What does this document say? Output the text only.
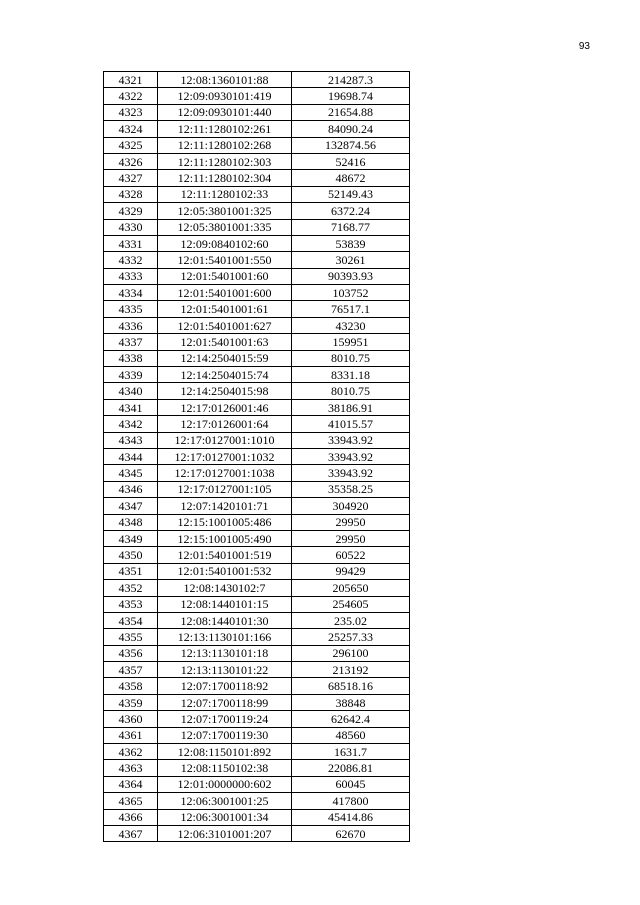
93
4321	12:08:1360101:88	214287.3
4322	12:09:0930101:419	19698.74
4323	12:09:0930101:440	21654.88
4324	12:11:1280102:261	84090.24
4325	12:11:1280102:268	132874.56
4326	12:11:1280102:303	52416
4327	12:11:1280102:304	48672
4328	12:11:1280102:33	52149.43
4329	12:05:3801001:325	6372.24
4330	12:05:3801001:335	7168.77
4331	12:09:0840102:60	53839
4332	12:01:5401001:550	30261
4333	12:01:5401001:60	90393.93
4334	12:01:5401001:600	103752
4335	12:01:5401001:61	76517.1
4336	12:01:5401001:627	43230
4337	12:01:5401001:63	159951
4338	12:14:2504015:59	8010.75
4339	12:14:2504015:74	8331.18
4340	12:14:2504015:98	8010.75
4341	12:17:0126001:46	38186.91
4342	12:17:0126001:64	41015.57
4343	12:17:0127001:1010	33943.92
4344	12:17:0127001:1032	33943.92
4345	12:17:0127001:1038	33943.92
4346	12:17:0127001:105	35358.25
4347	12:07:1420101:71	304920
4348	12:15:1001005:486	29950
4349	12:15:1001005:490	29950
4350	12:01:5401001:519	60522
4351	12:01:5401001:532	99429
4352	12:08:1430102:7	205650
4353	12:08:1440101:15	254605
4354	12:08:1440101:30	235.02
4355	12:13:1130101:166	25257.33
4356	12:13:1130101:18	296100
4357	12:13:1130101:22	213192
4358	12:07:1700118:92	68518.16
4359	12:07:1700118:99	38848
4360	12:07:1700119:24	62642.4
4361	12:07:1700119:30	48560
4362	12:08:1150101:892	1631.7
4363	12:08:1150102:38	22086.81
4364	12:01:0000000:602	60045
4365	12:06:3001001:25	417800
4366	12:06:3001001:34	45414.86
4367	12:06:3101001:207	62670
